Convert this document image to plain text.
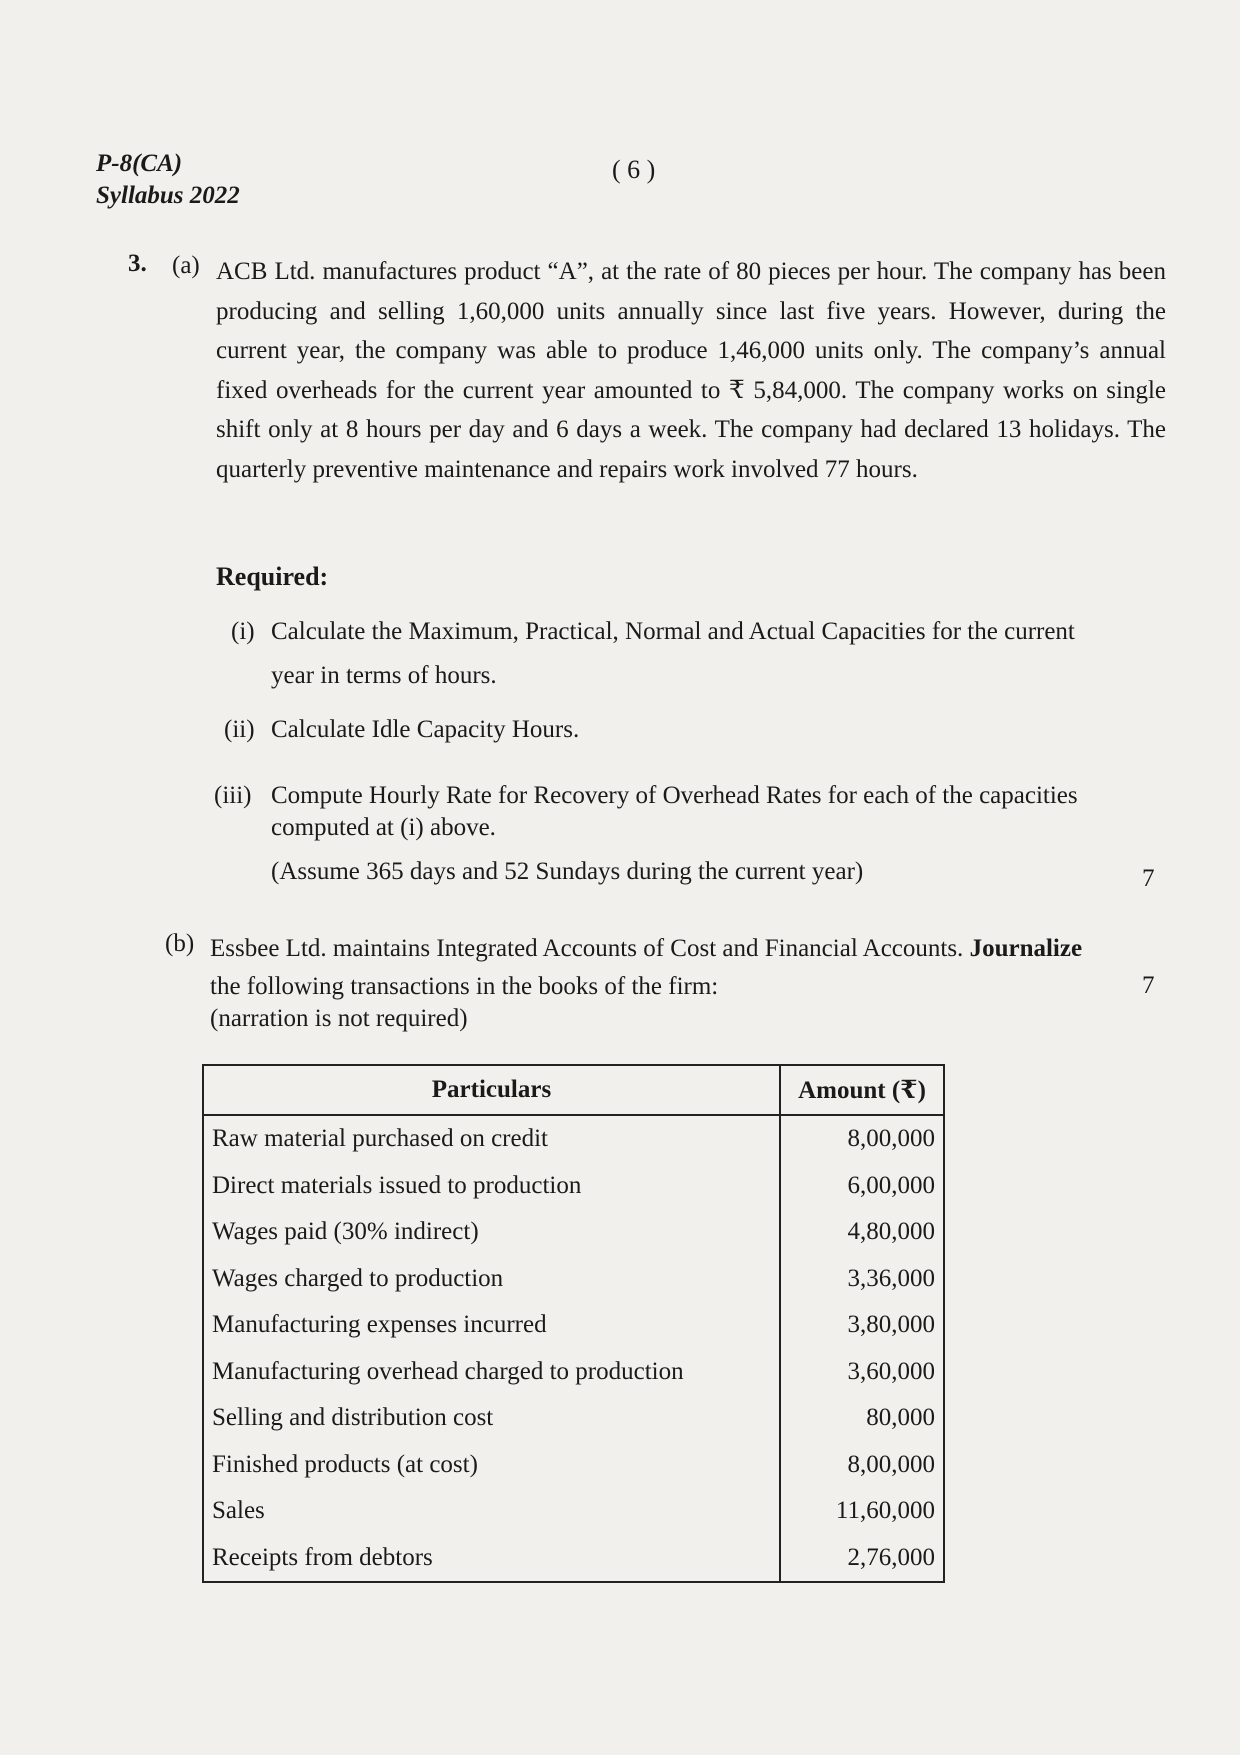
P-8(CA)
Syllabus 2022
( 6 )
3. (a) ACB Ltd. manufactures product “A”, at the rate of 80 pieces per hour. The company has been producing and selling 1,60,000 units annually since last five years. However, during the current year, the company was able to produce 1,46,000 units only. The company’s annual fixed overheads for the current year amounted to ₹ 5,84,000. The company works on single shift only at 8 hours per day and 6 days a week. The company had declared 13 holidays. The quarterly preventive maintenance and repairs work involved 77 hours.
Required:
(i) Calculate the Maximum, Practical, Normal and Actual Capacities for the current
year in terms of hours.
(ii) Calculate Idle Capacity Hours.
(iii) Compute Hourly Rate for Recovery of Overhead Rates for each of the capacities
computed at (i) above.
(Assume 365 days and 52 Sundays during the current year)	7
(b) Essbee Ltd. maintains Integrated Accounts of Cost and Financial Accounts. Journalize
the following transactions in the books of the firm:	7
(narration is not required)
Particulars	Amount (₹)
Raw material purchased on credit	8,00,000
Direct materials issued to production	6,00,000
Wages paid (30% indirect)	4,80,000
Wages charged to production	3,36,000
Manufacturing expenses incurred	3,80,000
Manufacturing overhead charged to production	3,60,000
Selling and distribution cost	80,000
Finished products (at cost)	8,00,000
Sales	11,60,000
Receipts from debtors	2,76,000
